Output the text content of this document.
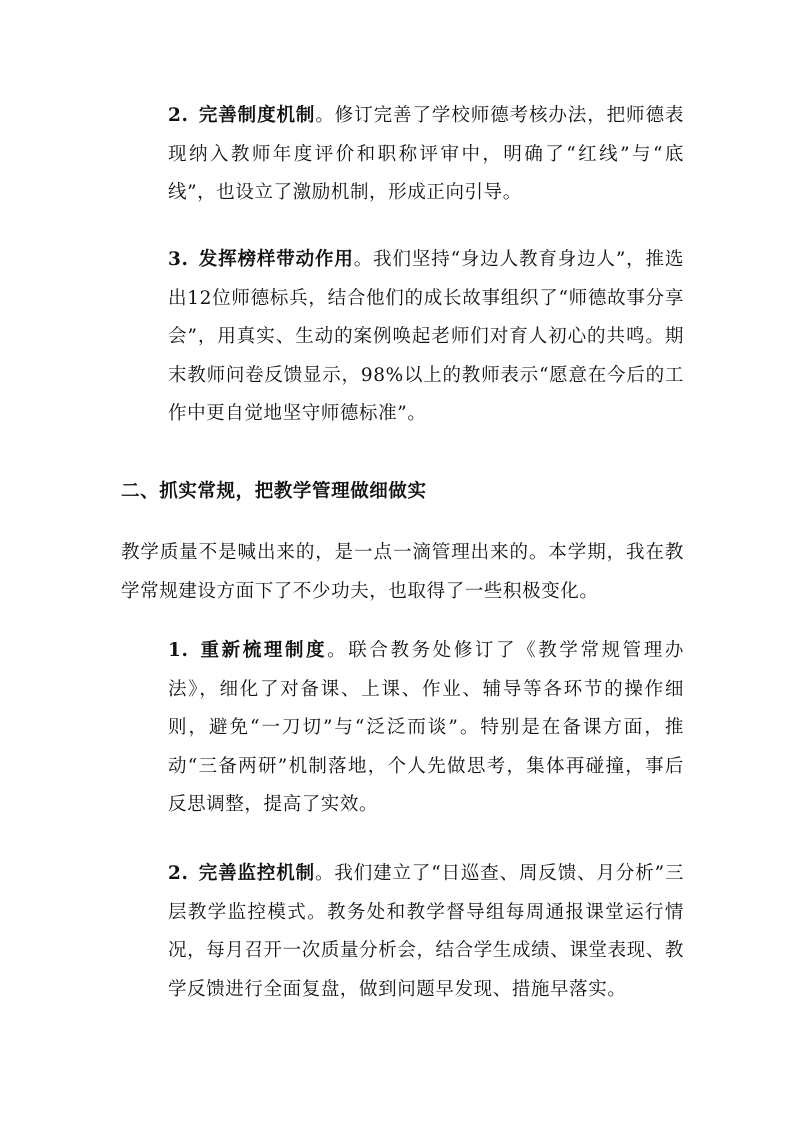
2. 完善制度机制。修订完善了学校师德考核办法，把师德表现纳入教师年度评价和职称评审中，明确了“红线”与“底线”，也设立了激励机制，形成正向引导。

3. 发挥榜样带动作用。我们坚持“身边人教育身边人”，推选出12位师德标兵，结合他们的成长故事组织了“师德故事分享会”，用真实、生动的案例唤起老师们对育人初心的共鸣。期末教师问卷反馈显示，98%以上的教师表示“愿意在今后的工作中更自觉地坚守师德标准”。

二、抓实常规，把教学管理做细做实

教学质量不是喊出来的，是一点一滴管理出来的。本学期，我在教学常规建设方面下了不少功夫，也取得了一些积极变化。

1. 重新梳理制度。联合教务处修订了《教学常规管理办法》，细化了对备课、上课、作业、辅导等各环节的操作细则，避免“一刀切”与“泛泛而谈”。特别是在备课方面，推动“三备两研”机制落地，个人先做思考，集体再碰撞，事后反思调整，提高了实效。

2. 完善监控机制。我们建立了“日巡查、周反馈、月分析”三层教学监控模式。教务处和教学督导组每周通报课堂运行情况，每月召开一次质量分析会，结合学生成绩、课堂表现、教学反馈进行全面复盘，做到问题早发现、措施早落实。
